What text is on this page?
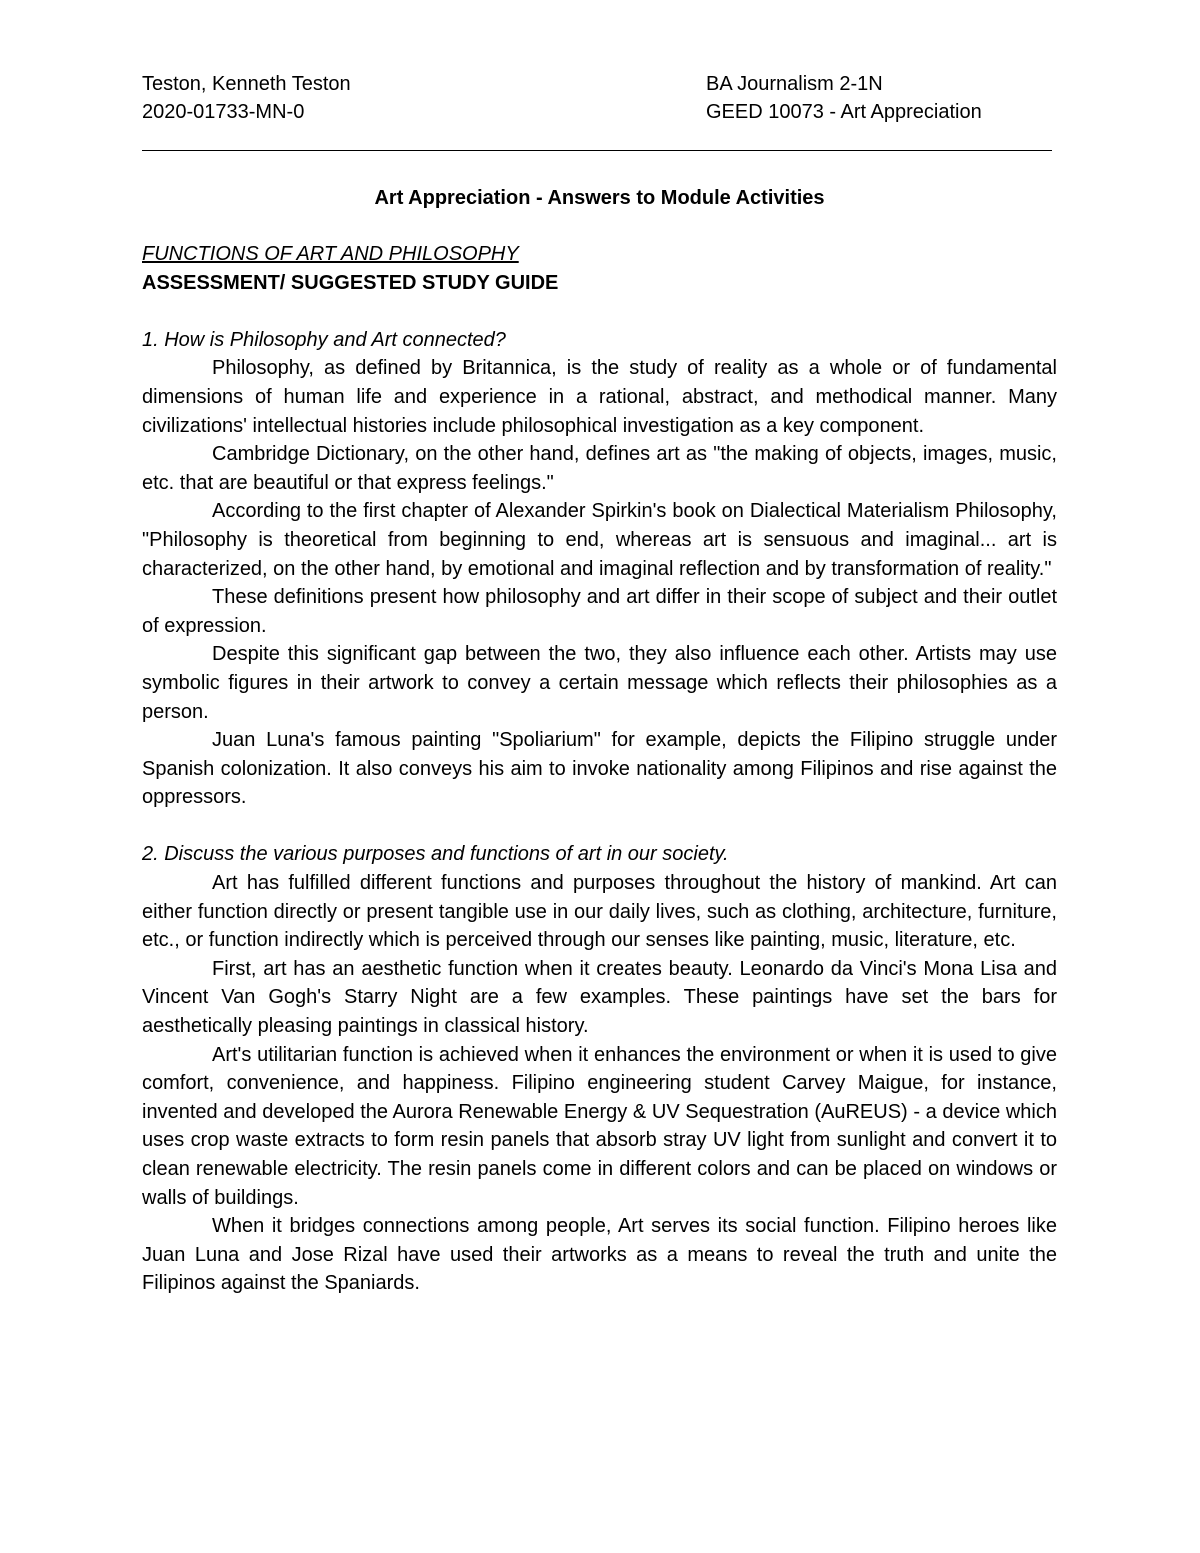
Teston, Kenneth Teston
2020-01733-MN-0
BA Journalism 2-1N
GEED 10073 - Art Appreciation
Art Appreciation - Answers to Module Activities
FUNCTIONS OF ART AND PHILOSOPHY
ASSESSMENT/ SUGGESTED STUDY GUIDE
1. How is Philosophy and Art connected?

Philosophy, as defined by Britannica, is the study of reality as a whole or of fundamental dimensions of human life and experience in a rational, abstract, and methodical manner. Many civilizations' intellectual histories include philosophical investigation as a key component.

Cambridge Dictionary, on the other hand, defines art as "the making of objects, images, music, etc. that are beautiful or that express feelings."

According to the first chapter of Alexander Spirkin's book on Dialectical Materialism Philosophy, "Philosophy is theoretical from beginning to end, whereas art is sensuous and imaginal... art is characterized, on the other hand, by emotional and imaginal reflection and by transformation of reality."

These definitions present how philosophy and art differ in their scope of subject and their outlet of expression.

Despite this significant gap between the two, they also influence each other. Artists may use symbolic figures in their artwork to convey a certain message which reflects their philosophies as a person.

Juan Luna's famous painting "Spoliarium" for example, depicts the Filipino struggle under Spanish colonization. It also conveys his aim to invoke nationality among Filipinos and rise against the oppressors.

2. Discuss the various purposes and functions of art in our society.

Art has fulfilled different functions and purposes throughout the history of mankind. Art can either function directly or present tangible use in our daily lives, such as clothing, architecture, furniture, etc., or function indirectly which is perceived through our senses like painting, music, literature, etc.

First, art has an aesthetic function when it creates beauty. Leonardo da Vinci's Mona Lisa and Vincent Van Gogh's Starry Night are a few examples. These paintings have set the bars for aesthetically pleasing paintings in classical history.

Art's utilitarian function is achieved when it enhances the environment or when it is used to give comfort, convenience, and happiness. Filipino engineering student Carvey Maigue, for instance, invented and developed the Aurora Renewable Energy & UV Sequestration (AuREUS) - a device which uses crop waste extracts to form resin panels that absorb stray UV light from sunlight and convert it to clean renewable electricity. The resin panels come in different colors and can be placed on windows or walls of buildings.

When it bridges connections among people, Art serves its social function. Filipino heroes like Juan Luna and Jose Rizal have used their artworks as a means to reveal the truth and unite the Filipinos against the Spaniards.
